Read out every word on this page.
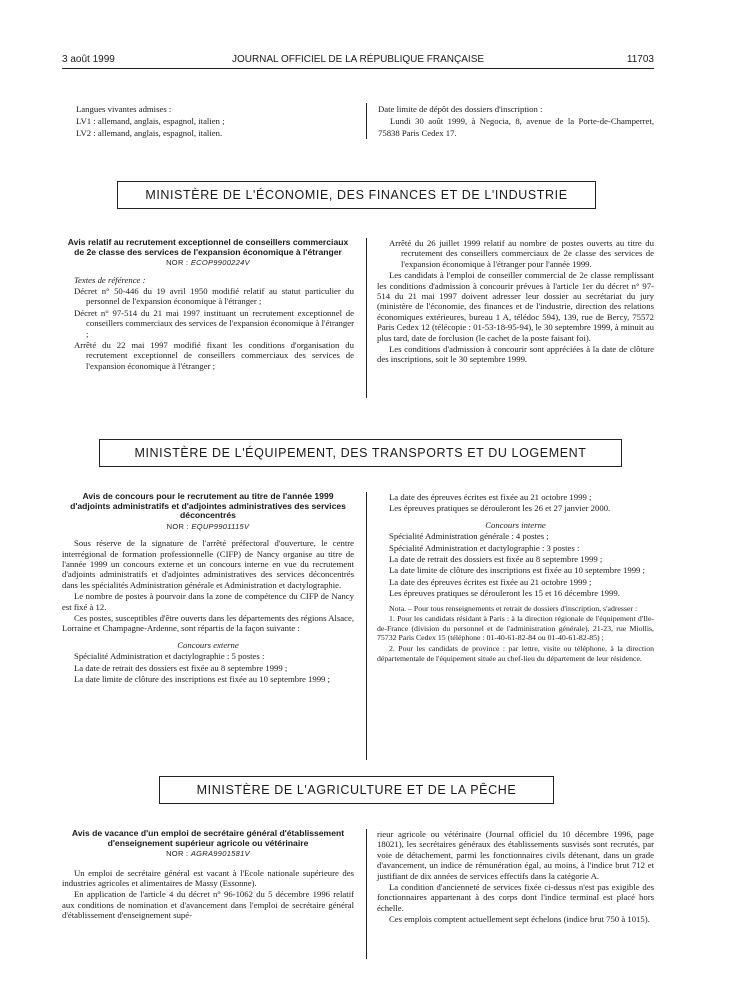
3 août 1999	JOURNAL OFFICIEL DE LA RÉPUBLIQUE FRANÇAISE	11703

Langues vivantes admises :

LV1 : allemand, anglais, espagnol, italien ;

LV2 : allemand, anglais, espagnol, italien.

Date limite de dépôt des dossiers d'inscription :

Lundi 30 août 1999, à Negocia, 8, avenue de la Porte-de-Champerret, 75838 Paris Cedex 17.

MINISTÈRE DE L'ÉCONOMIE, DES FINANCES ET DE L'INDUSTRIE
Avis relatif au recrutement exceptionnel de conseillers commerciaux de 2e classe des services de l'expansion économique à l'étranger
NOR : ECOP9900224V

Textes de référence :

Décret n° 50-446 du 19 avril 1950 modifié relatif au statut particulier du personnel de l'expansion économique à l'étranger ;

Décret n° 97-514 du 21 mai 1997 instituant un recrutement exceptionnel de conseillers commerciaux des services de l'expansion économique à l'étranger ;

Arrêté du 22 mai 1997 modifié fixant les conditions d'organisation du recrutement exceptionnel de conseillers commerciaux des services de l'expansion économique à l'étranger ;

Arrêté du 26 juillet 1999 relatif au nombre de postes ouverts au titre du recrutement des conseillers commerciaux de 2e classe des services de l'expansion économique à l'étranger pour l'année 1999.

Les candidats à l'emploi de conseiller commercial de 2e classe remplissant les conditions d'admission à concourir prévues à l'article 1er du décret n° 97-514 du 21 mai 1997 doivent adresser leur dossier au secrétariat du jury (ministère de l'économie, des finances et de l'industrie, direction des relations économiques extérieures, bureau 1 A, télédoc 594), 139, rue de Bercy, 75572 Paris Cedex 12 (télécopie : 01-53-18-95-94), le 30 septembre 1999, à minuit au plus tard, date de forclusion (le cachet de la poste faisant foi).

Les conditions d'admission à concourir sont appréciées à la date de clôture des inscriptions, soit le 30 septembre 1999.

MINISTÈRE DE L'ÉQUIPEMENT, DES TRANSPORTS ET DU LOGEMENT
Avis de concours pour le recrutement au titre de l'année 1999 d'adjoints administratifs et d'adjointes administratives des services déconcentrés
NOR : EQUP9901115V

Sous réserve de la signature de l'arrêté préfectoral d'ouverture, le centre interrégional de formation professionnelle (CIFP) de Nancy organise au titre de l'année 1999 un concours externe et un concours interne en vue du recrutement d'adjoints administratifs et d'adjointes administratives des services déconcentrés dans les spécialités Administration générale et Administration et dactylographie.

Le nombre de postes à pourvoir dans la zone de compétence du CIFP de Nancy est fixé à 12.

Ces postes, susceptibles d'être ouverts dans les départements des régions Alsace, Lorraine et Champagne-Ardenne, sont répartis de la façon suivante :

Concours externe

Spécialité Administration et dactylographie : 5 postes :

La date de retrait des dossiers est fixée au 8 septembre 1999 ;

La date limite de clôture des inscriptions est fixée au 10 septembre 1999 ;

La date des épreuves écrites est fixée au 21 octobre 1999 ;

Les épreuves pratiques se dérouleront les 26 et 27 janvier 2000.

Concours interne

Spécialité Administration générale : 4 postes ;

Spécialité Administration et dactylographie : 3 postes :

La date de retrait des dossiers est fixée au 8 septembre 1999 ;

La date limite de clôture des inscriptions est fixée au 10 septembre 1999 ;

La date des épreuves écrites est fixée au 21 octobre 1999 ;

Les épreuves pratiques se dérouleront les 15 et 16 décembre 1999.

Nota. – Pour tous renseignements et retrait de dossiers d'inscription, s'adresser :

1. Pour les candidats résidant à Paris : à la direction régionale de l'équipement d'Ile-de-France (division du personnel et de l'administration générale), 21-23, rue Miollis, 75732 Paris Cedex 15 (téléphone : 01-40-61-82-84 ou 01-40-61-82-85) ;

2. Pour les candidats de province : par lettre, visite ou téléphone, à la direction départementale de l'équipement située au chef-lieu du département de leur résidence.

MINISTÈRE DE L'AGRICULTURE ET DE LA PÊCHE
Avis de vacance d'un emploi de secrétaire général d'établissement d'enseignement supérieur agricole ou vétérinaire
NOR : AGRA9901581V

Un emploi de secrétaire général est vacant à l'Ecole nationale supérieure des industries agricoles et alimentaires de Massy (Essonne).

En application de l'article 4 du décret n° 96-1062 du 5 décembre 1996 relatif aux conditions de nomination et d'avancement dans l'emploi de secrétaire général d'établissement d'enseignement supé-

rieur agricole ou vétérinaire (Journal officiel du 10 décembre 1996, page 18021), les secrétaires généraux des établissements susvisés sont recrutés, par voie de détachement, parmi les fonctionnaires civils détenant, dans un grade d'avancement, un indice de rémunération égal, au moins, à l'indice brut 712 et justifiant de dix années de services effectifs dans la catégorie A.

La condition d'ancienneté de services fixée ci-dessus n'est pas exigible des fonctionnaires appartenant à des corps dont l'indice terminal est placé hors échelle.

Ces emplois comptent actuellement sept échelons (indice brut 750 à 1015).
